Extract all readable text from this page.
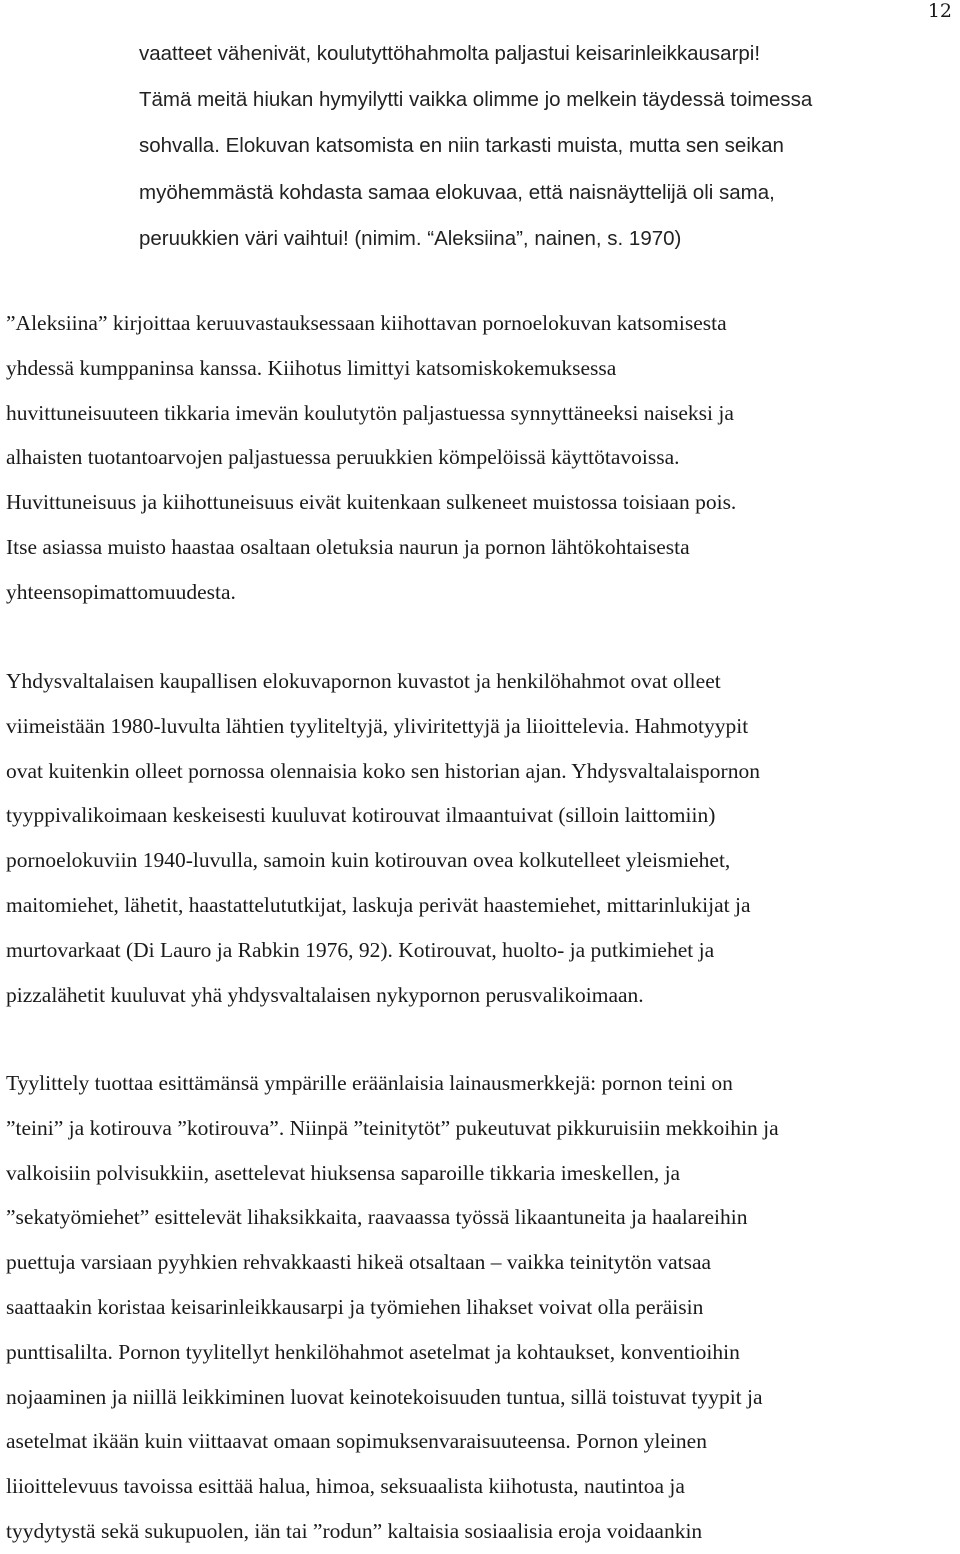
12
vaatteet vähenivät, koulutyttöhahmolta paljastui keisarinleikkausarpi!
Tämä meitä hiukan hymyilytti vaikka olimme jo melkein täydessä toimessa
sohvalla. Elokuvan katsomista en niin tarkasti muista, mutta sen seikan
myöhemmästä kohdasta samaa elokuvaa, että naisnäyttelijä oli sama,
peruukkien väri vaihtui! (nimim. “Aleksiina”, nainen, s. 1970)
”Aleksiina” kirjoittaa keruuvastauksessaan kiihottavan pornoelokuvan katsomisesta
yhdessä kumppaninsa kanssa. Kiihotus limittyi katsomiskokemuksessa
huvittuneisuuteen tikkaria imevän koulutytön paljastuessa synnyttäneeksi naiseksi ja
alhaisten tuotantoarvojen paljastuessa peruukkien kömpelöissä käyttötavoissa.
Huvittuneisuus ja kiihottuneisuus eivät kuitenkaan sulkeneet muistossa toisiaan pois.
Itse asiassa muisto haastaa osaltaan oletuksia naurun ja pornon lähtökohtaisesta
yhteensopimattomuudesta.
Yhdysvaltalaisen kaupallisen elokuvapornon kuvastot ja henkilöhahmot ovat olleet
viimeistään 1980-luvulta lähtien tyyliteltyjä, yliviritettyjä ja liioittelevia. Hahmotyypit
ovat kuitenkin olleet pornossa olennaisia koko sen historian ajan. Yhdysvaltalaispornon
tyyppivalikoimaan keskeisesti kuuluvat kotirouvat ilmaantuivat (silloin laittomiin)
pornoelokuviin 1940-luvulla, samoin kuin kotirouvan ovea kolkutelleet yleismiehet,
maitomiehet, lähetit, haastattelututkijat, laskuja perivät haastemiehet, mittarinlukijat ja
murtovarkaat (Di Lauro ja Rabkin 1976, 92). Kotirouvat, huolto- ja putkimiehet ja
pizzalähetit kuuluvat yhä yhdysvaltalaisen nykypornon perusvalikoimaan.
Tyylittely tuottaa esittämänsä ympärille eräänlaisia lainausmerkkejä: pornon teini on
”teini” ja kotirouva ”kotirouva”. Niinpä ”teinitytöt” pukeutuvat pikkuruisiin mekkoihin ja
valkoisiin polvisukkiin, asettelevat hiuksensa saparoille tikkaria imeskellen, ja
”sekatyömiehet” esittelevät lihaksikkaita, raavaassa työssä likaantuneita ja haalareihin
puettuja varsiaan pyyhkien rehvakkaasti hikeä otsaltaan – vaikka teinitytön vatsaa
saattaakin koristaa keisarinleikkausarpi ja työmiehen lihakset voivat olla peräisin
punttisalilta. Pornon tyylitellyt henkilöhahmot asetelmat ja kohtaukset, konventioihin
nojaaminen ja niillä leikkiminen luovat keinotekoisuuden tuntua, sillä toistuvat tyypit ja
asetelmat ikään kuin viittaavat omaan sopimuksenvaraisuuteensa. Pornon yleinen
liioittelevuus tavoissa esittää halua, himoa, seksuaalista kiihotusta, nautintoa ja
tyydytystä sekä sukupuolen, iän tai ”rodun” kaltaisia sosiaalisia eroja voidaankin
